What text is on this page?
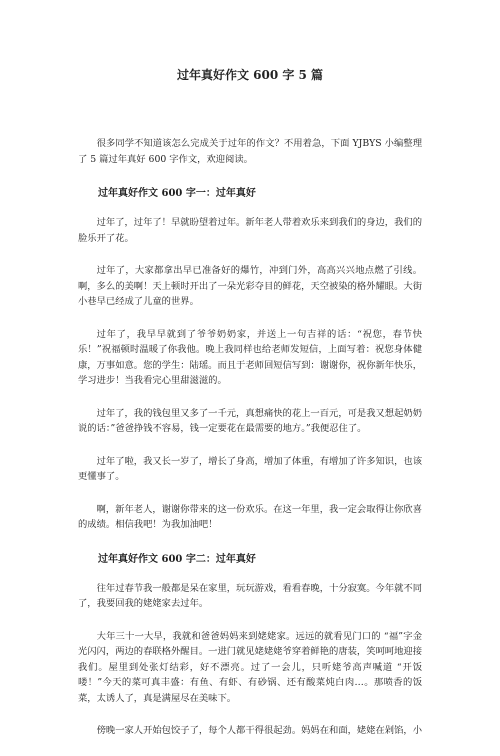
过年真好作文 600 字 5 篇

很多同学不知道该怎么完成关于过年的作文？不用着急，下面 YJBYS 小编整理了 5 篇过年真好 600 字作文，欢迎阅读。

过年真好作文 600 字一：过年真好

过年了，过年了！早就盼望着过年。新年老人带着欢乐来到我们的身边，我们的脸乐开了花。

过年了，大家都拿出早已准备好的爆竹，冲到门外，高高兴兴地点燃了引线。啊，多么的美啊！天上顿时开出了一朵光彩夺目的鲜花，天空被染的格外耀眼。大街小巷早已经成了儿童的世界。

过年了，我早早就到了爷爷奶奶家，并送上一句吉祥的话：“祝您，春节快乐！”祝福顿时温暖了你我他。晚上我同样也给老师发短信，上面写着：祝您身体健康，万事如意。您的学生：陆瑶。而且于老师回短信写到：谢谢你，祝你新年快乐，学习进步！当我看完心里甜滋滋的。

过年了，我的钱包里又多了一千元，真想痛快的花上一百元，可是我又想起奶奶说的话：”爸爸挣钱不容易，钱一定要花在最需要的地方。”我便忍住了。

过年了啦，我又长一岁了，增长了身高，增加了体重，有增加了许多知识，也该更懂事了。

啊，新年老人，谢谢你带来的这一份欢乐。在这一年里，我一定会取得让你欣喜的成绩。相信我吧！为我加油吧！

过年真好作文 600 字二：过年真好

往年过春节我一般都是呆在家里，玩玩游戏，看看春晚，十分寂寞。今年就不同了，我要回我的姥姥家去过年。

大年三十一大早，我就和爸爸妈妈来到姥姥家。远远的就看见门口的 “福”字金光闪闪，两边的春联格外醒目。一进门就见姥姥姥爷穿着鲜艳的唐装，笑呵呵地迎接我们。屋里到处张灯结彩，好不漂亮。过了一会儿，只听姥爷高声喊道 “开饭喽！”今天的菜可真丰盛：有鱼、有虾、有砂锅、还有酸菜炖白肉…。那喷香的饭菜，太诱人了，真是满屋尽在美味下。

傍晚一家人开始包饺子了，每个人都干得很起劲。妈妈在和面，姥姥在剁馅，小
